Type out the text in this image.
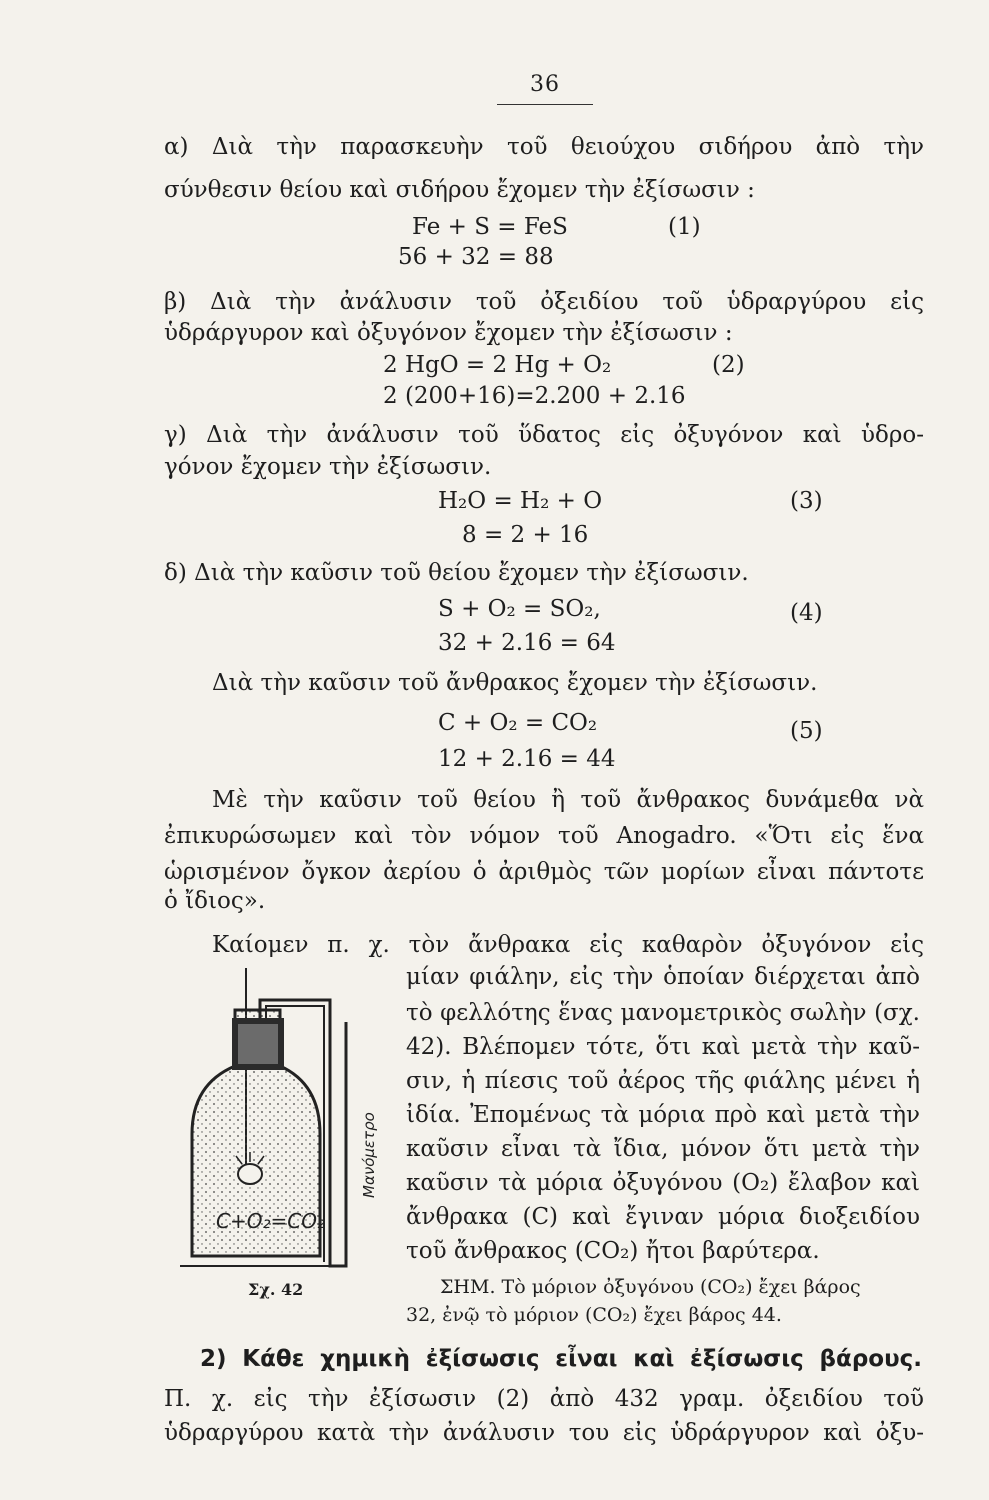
36
α) Διὰ τὴν παρασκευὴν τοῦ θειούχου σιδήρου ἀπὸ τὴν
σύνθεσιν θείου καὶ σιδήρου ἔχομεν τὴν ἐξίσωσιν :
Fe + S = FeS	(1)
56 + 32 = 88
β) Διὰ τὴν ἀνάλυσιν τοῦ ὀξειδίου τοῦ ὑδραργύρου εἰς
ὑδράργυρον καὶ ὀξυγόνον ἔχομεν τὴν ἐξίσωσιν :
2 HgO = 2 Hg + O₂	(2)
2 (200+16)=2.200 + 2.16
γ) Διὰ τὴν ἀνάλυσιν τοῦ ὕδατος εἰς ὀξυγόνον καὶ ὑδρο-
γόνον ἔχομεν τὴν ἐξίσωσιν.
H₂O = H₂ + O	(3)
8 = 2 + 16
δ) Διὰ τὴν καῦσιν τοῦ θείου ἔχομεν τὴν ἐξίσωσιν.
S + O₂ = SO₂,	(4)
32 + 2.16 = 64
Διὰ τὴν καῦσιν τοῦ ἄνθρακος ἔχομεν τὴν ἐξίσωσιν.
C + O₂ = CO₂	(5)
12 + 2.16 = 44
Μὲ τὴν καῦσιν τοῦ θείου ἢ τοῦ ἄνθρακος δυνάμεθα νὰ
ἐπικυρώσωμεν καὶ τὸν νόμον τοῦ Anogadro. «Ὅτι εἰς ἕνα
ὡρισμένον ὄγκον ἀερίου ὁ ἀριθμὸς τῶν μορίων εἶναι πάντοτε
ὁ ἴδιος».
Καίομεν π. χ. τὸν ἄνθρακα εἰς καθαρὸν ὀξυγόνον εἰς
μίαν φιάλην, εἰς τὴν ὁποίαν διέρχεται ἀπὸ
τὸ φελλότης ἕνας μανομετρικὸς σωλὴν (σχ.
42). Βλέπομεν τότε, ὅτι καὶ μετὰ τὴν καῦ-
σιν, ἡ πίεσις τοῦ ἀέρος τῆς φιάλης μένει ἡ
ἰδία. Ἐπομένως τὰ μόρια πρὸ καὶ μετὰ τὴν
καῦσιν εἶναι τὰ ἴδια, μόνον ὅτι μετὰ τὴν
καῦσιν τὰ μόρια ὀξυγόνου (O₂) ἔλαβον καὶ
ἄνθρακα (C) καὶ ἔγιναν μόρια διοξειδίου
τοῦ ἄνθρακος (CO₂) ἤτοι βαρύτερα.
ΣΗΜ. Τὸ μόριον ὀξυγόνου (CO₂) ἔχει βάρος
32, ἐνῷ τὸ μόριον (CO₂) ἔχει βάρος 44.
C+O₂=CO₂
Μανόμετρο
Σχ. 42
2) Κάθε χημικὴ ἐξίσωσις εἶναι καὶ ἐξίσωσις βάρους.
Π. χ. εἰς τὴν ἐξίσωσιν (2) ἀπὸ 432 γραμ. ὀξειδίου τοῦ
ὑδραργύρου κατὰ τὴν ἀνάλυσιν του εἰς ὑδράργυρον καὶ ὀξυ-
